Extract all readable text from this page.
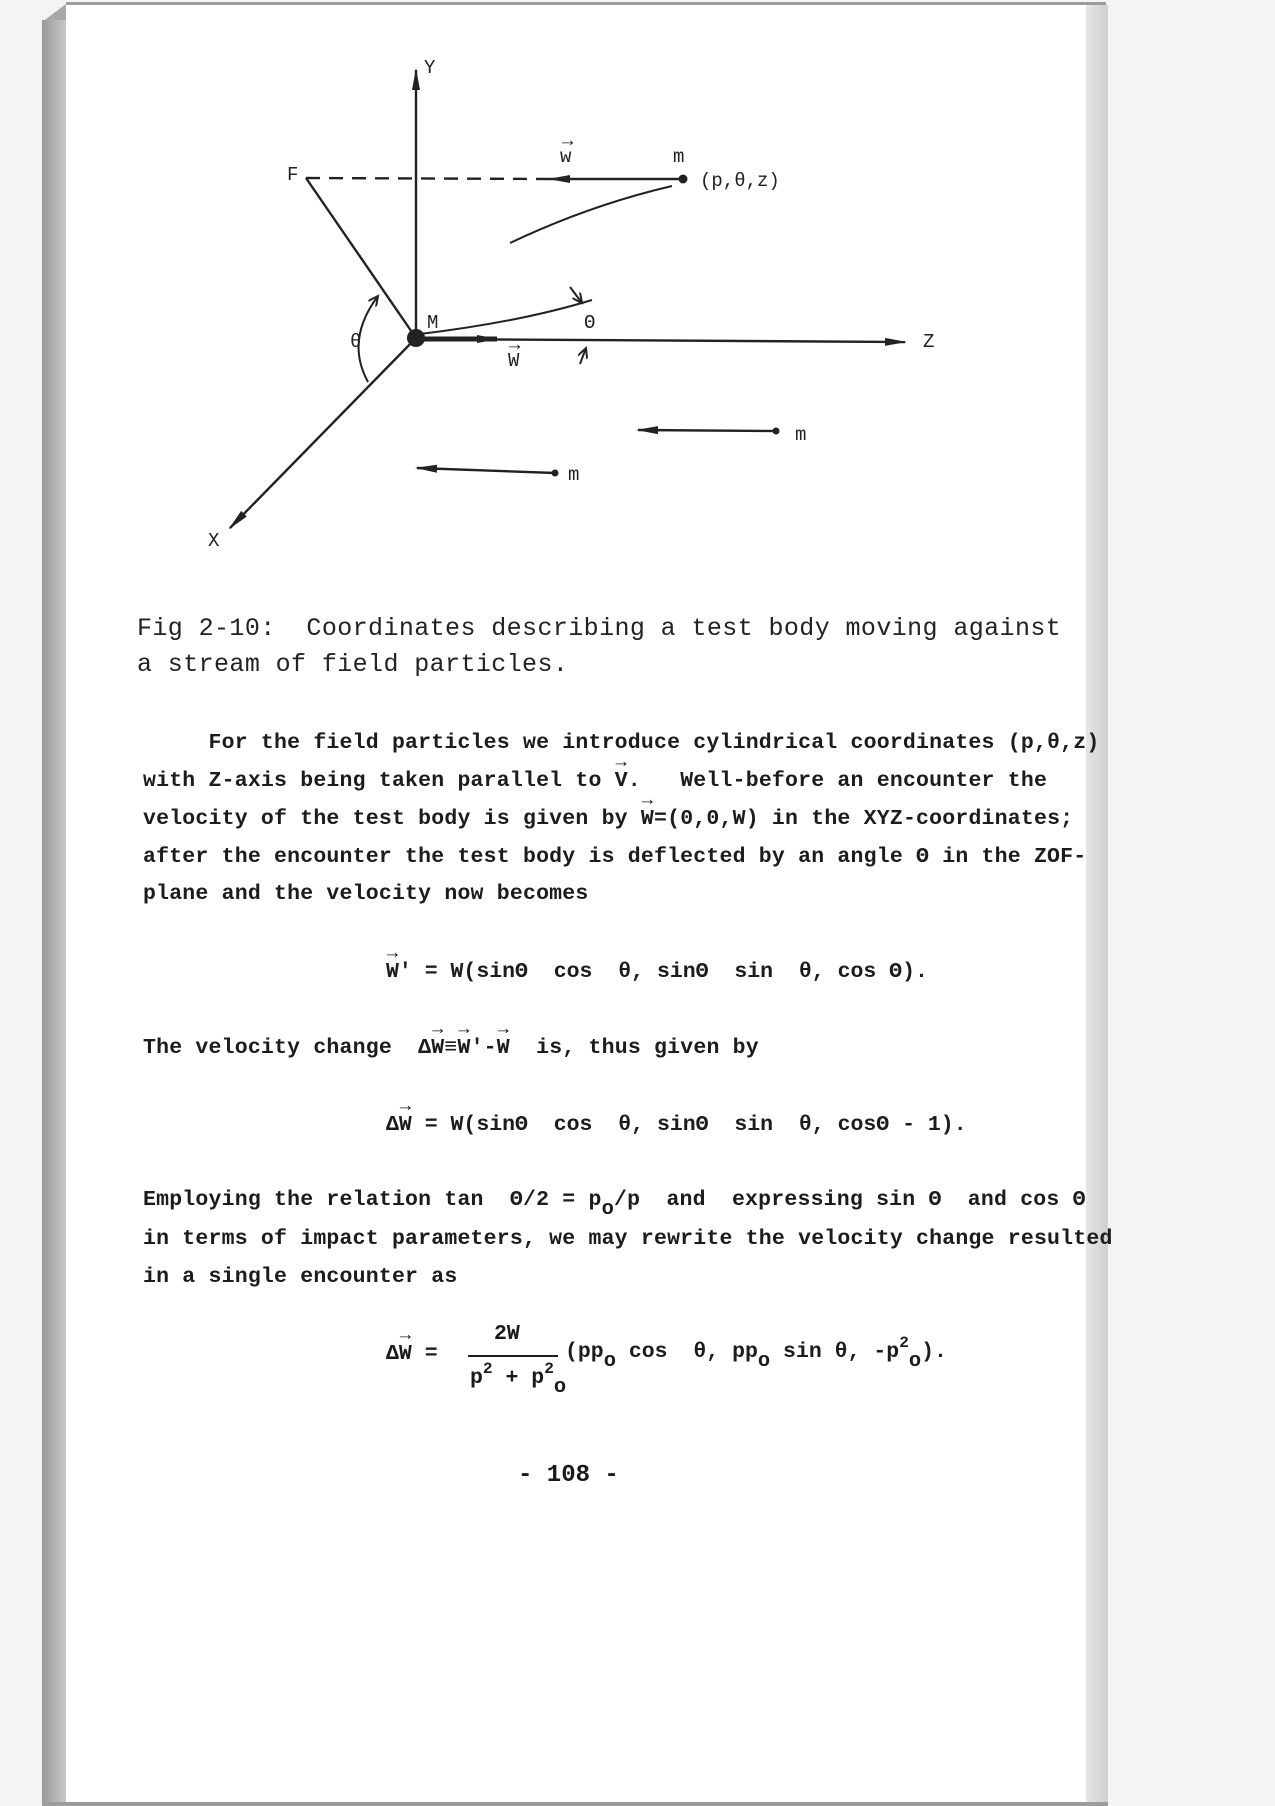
Y
Z
X
F
M
m
(p,θ,z)
m
m
w
→
W
→
θ
Θ
Fig 2-10:  Coordinates describing a test body moving against
a stream of field particles.
For the field particles we introduce cylindrical coordinates (p,θ,z)
with Z-axis being taken parallel to → V.   Well-before an encounter the
velocity of the test body is given by → W=(0,0,W) in the XYZ-coordinates;
after the encounter the test body is deflected by an angle Θ in the ZOF-
plane and the velocity now becomes
→ W' = W(sinΘ  cos  θ, sinΘ  sin  θ, cos Θ).
The velocity change  Δ→ W≡→ W'-→ W  is, thus given by
Δ→ W = W(sinΘ  cos  θ, sinΘ  sin  θ, cosΘ - 1).
Employing the relation tan  Θ/2 = po/p  and  expressing sin Θ  and cos Θ
in terms of impact parameters, we may rewrite the velocity change resulted
in a single encounter as
Δ→ W =
2W
$p^2 + p^2o$
(ppo cos  θ, ppo sin θ, $-p^2o$).
- 108 -
